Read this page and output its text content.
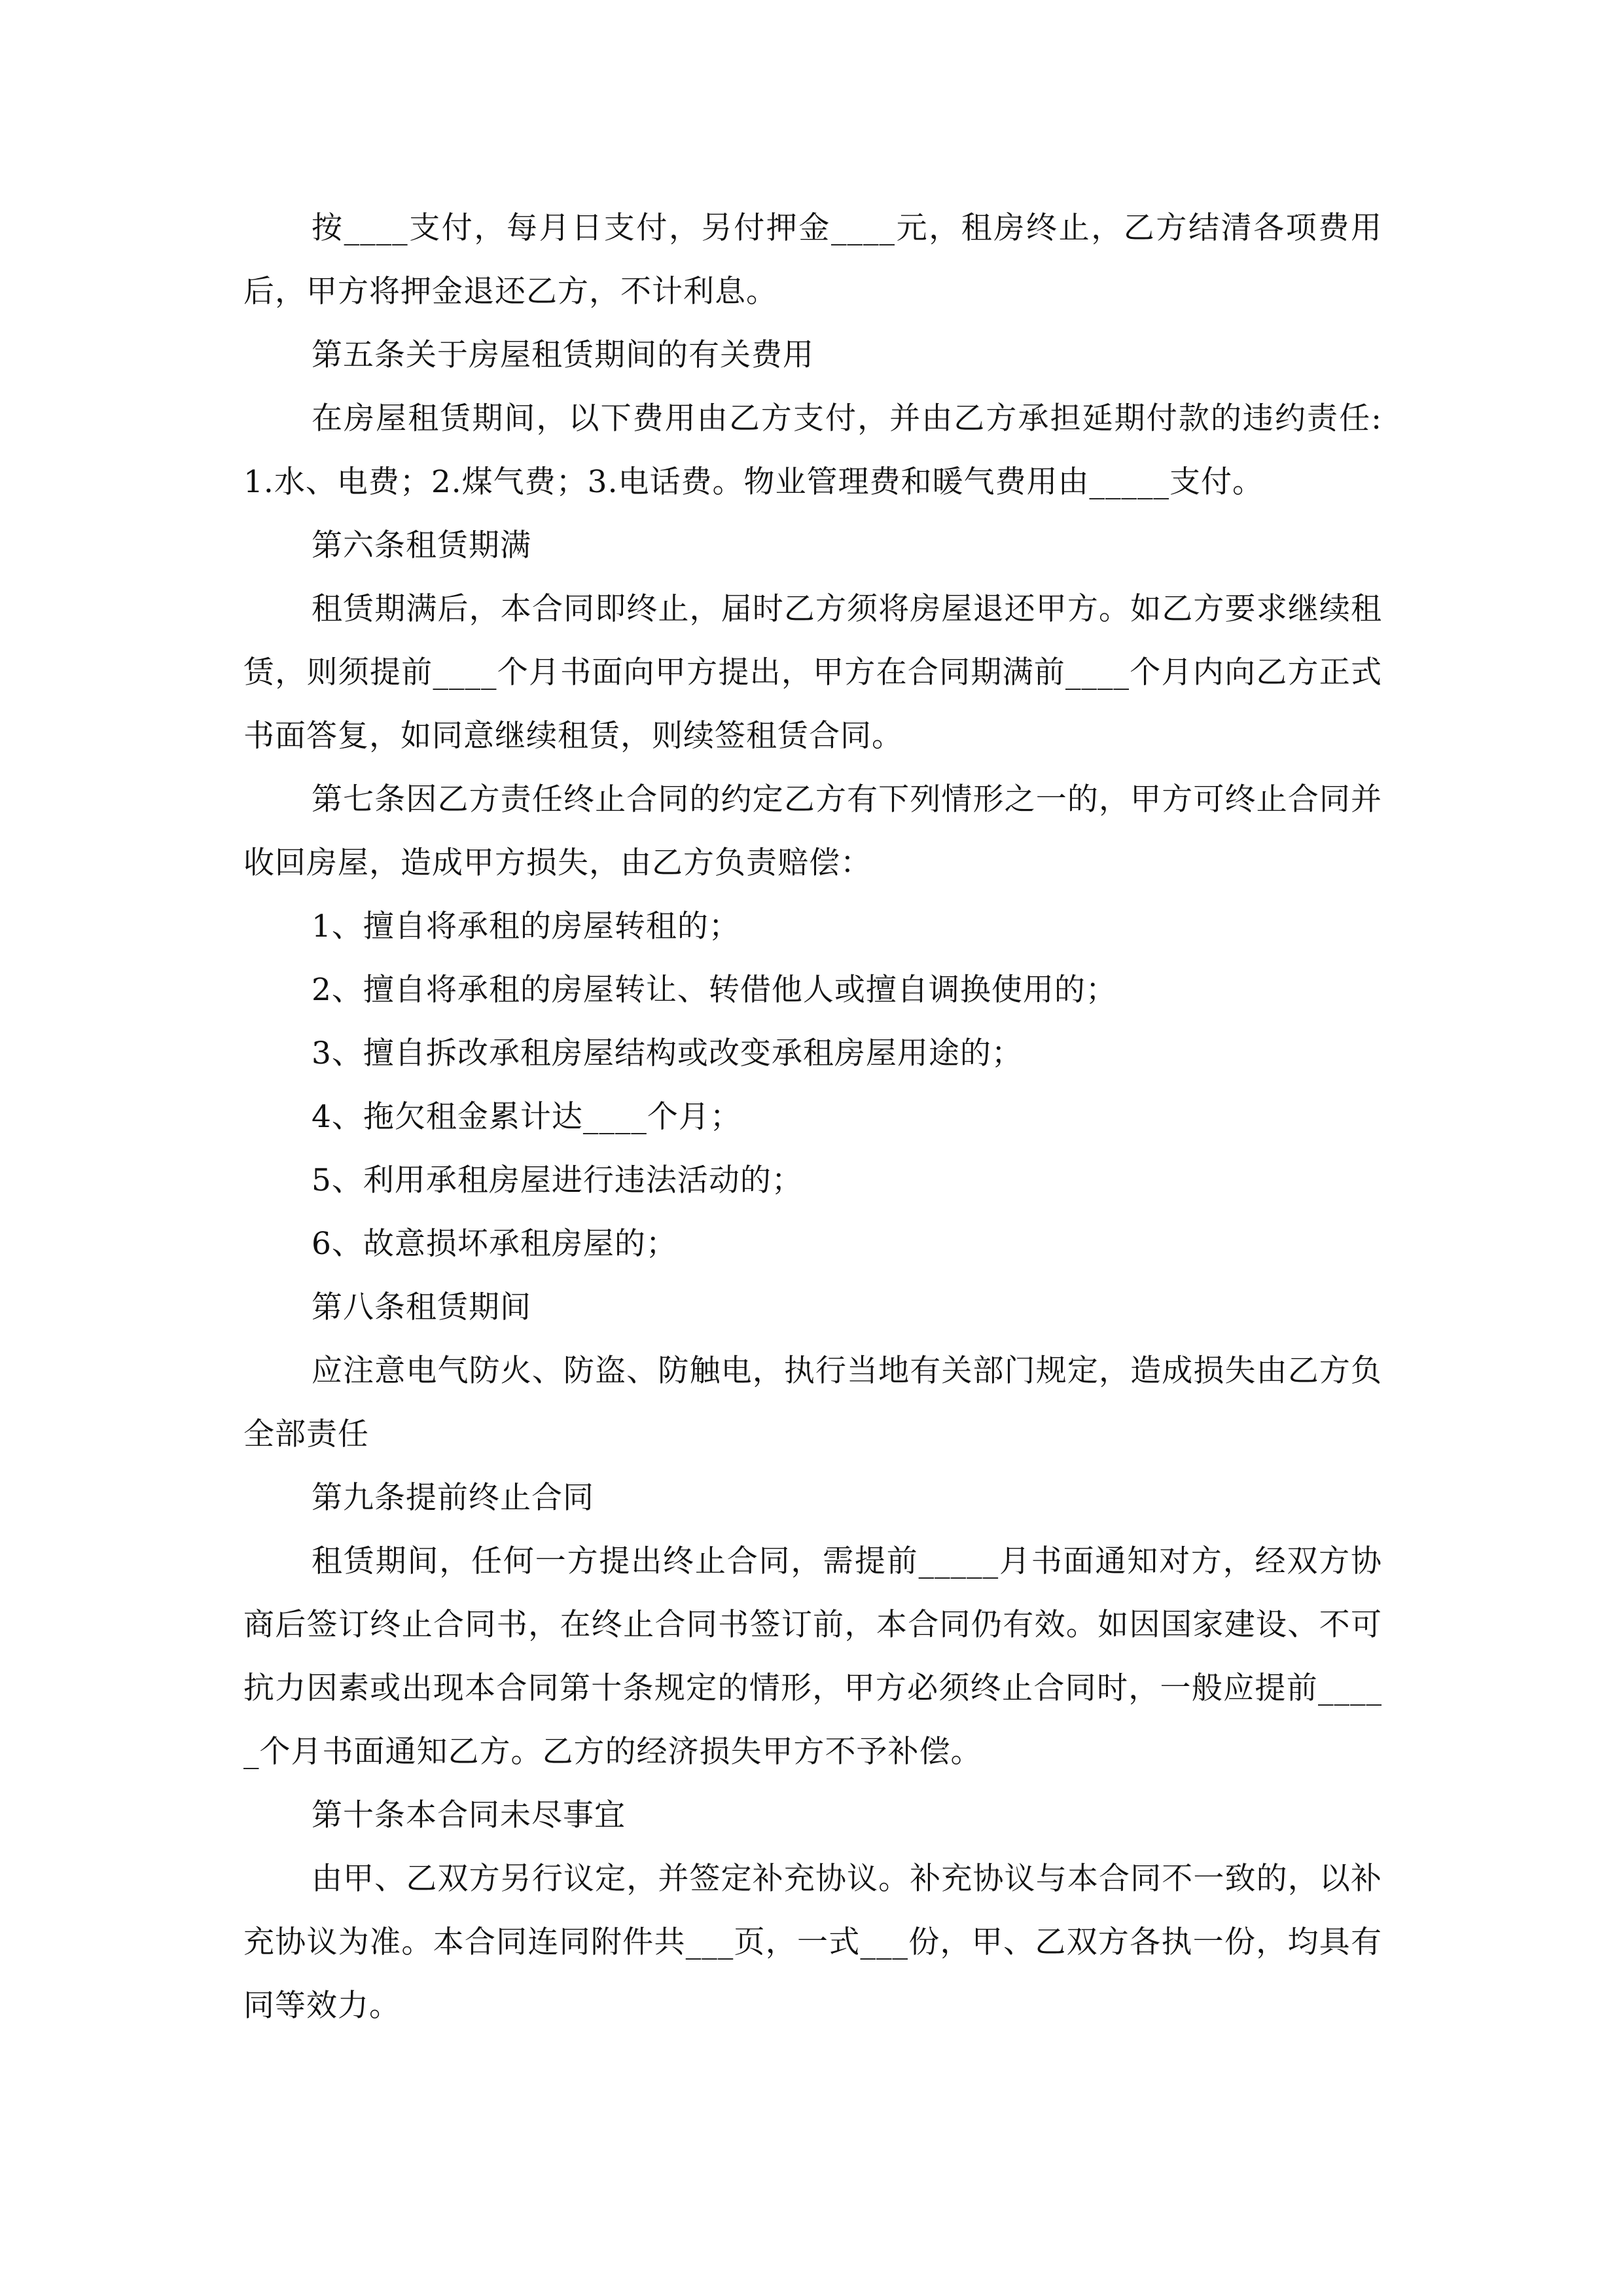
按____支付，每月日支付，另付押金____元，租房终止，乙方结清各项费用后，甲方将押金退还乙方，不计利息。

第五条关于房屋租赁期间的有关费用

在房屋租赁期间，以下费用由乙方支付，并由乙方承担延期付款的违约责任:1.水、电费；2.煤气费；3.电话费。物业管理费和暖气费用由_____支付。

第六条租赁期满

租赁期满后，本合同即终止，届时乙方须将房屋退还甲方。如乙方要求继续租赁，则须提前____个月书面向甲方提出，甲方在合同期满前____个月内向乙方正式书面答复，如同意继续租赁，则续签租赁合同。

第七条因乙方责任终止合同的约定乙方有下列情形之一的，甲方可终止合同并收回房屋，造成甲方损失，由乙方负责赔偿：

1、擅自将承租的房屋转租的；

2、擅自将承租的房屋转让、转借他人或擅自调换使用的；

3、擅自拆改承租房屋结构或改变承租房屋用途的；

4、拖欠租金累计达____个月；

5、利用承租房屋进行违法活动的；

6、故意损坏承租房屋的；

第八条租赁期间

应注意电气防火、防盗、防触电，执行当地有关部门规定，造成损失由乙方负全部责任

第九条提前终止合同

租赁期间，任何一方提出终止合同，需提前_____月书面通知对方，经双方协商后签订终止合同书，在终止合同书签订前，本合同仍有效。如因国家建设、不可抗力因素或出现本合同第十条规定的情形，甲方必须终止合同时，一般应提前_____个月书面通知乙方。乙方的经济损失甲方不予补偿。

第十条本合同未尽事宜

由甲、乙双方另行议定，并签定补充协议。补充协议与本合同不一致的，以补充协议为准。本合同连同附件共___页，一式___份，甲、乙双方各执一份，均具有同等效力。
